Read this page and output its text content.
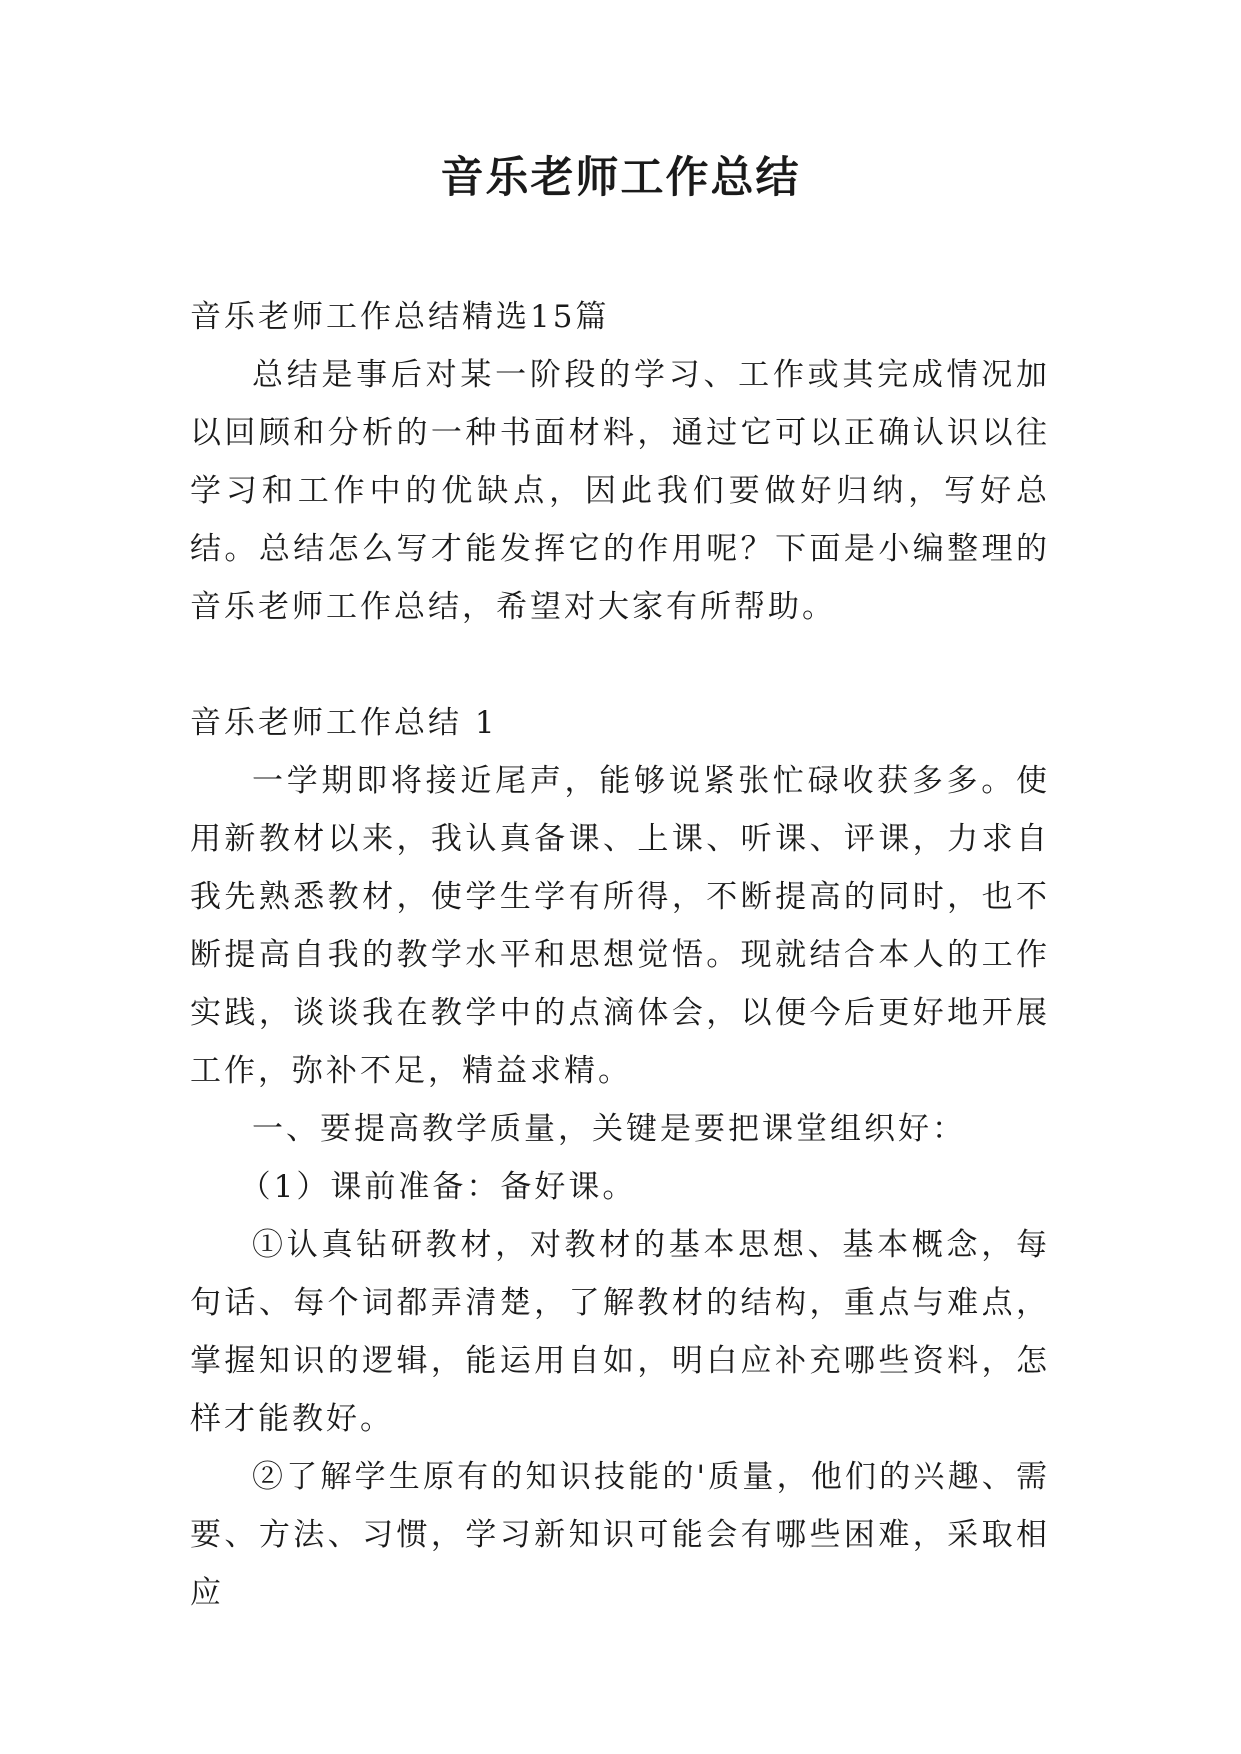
音乐老师工作总结

音乐老师工作总结精选15篇

总结是事后对某一阶段的学习、工作或其完成情况加以回顾和分析的一种书面材料，通过它可以正确认识以往学习和工作中的优缺点，因此我们要做好归纳，写好总结。总结怎么写才能发挥它的作用呢？下面是小编整理的音乐老师工作总结，希望对大家有所帮助。

音乐老师工作总结 1

一学期即将接近尾声，能够说紧张忙碌收获多多。使用新教材以来，我认真备课、上课、听课、评课，力求自我先熟悉教材，使学生学有所得，不断提高的同时，也不断提高自我的教学水平和思想觉悟。现就结合本人的工作实践，谈谈我在教学中的点滴体会，以便今后更好地开展工作，弥补不足，精益求精。

一、要提高教学质量，关键是要把课堂组织好：

（1）课前准备：备好课。

①认真钻研教材，对教材的基本思想、基本概念，每句话、每个词都弄清楚，了解教材的结构，重点与难点，掌握知识的逻辑，能运用自如，明白应补充哪些资料，怎样才能教好。

②了解学生原有的知识技能的'质量，他们的兴趣、需要、方法、习惯，学习新知识可能会有哪些困难，采取相应
